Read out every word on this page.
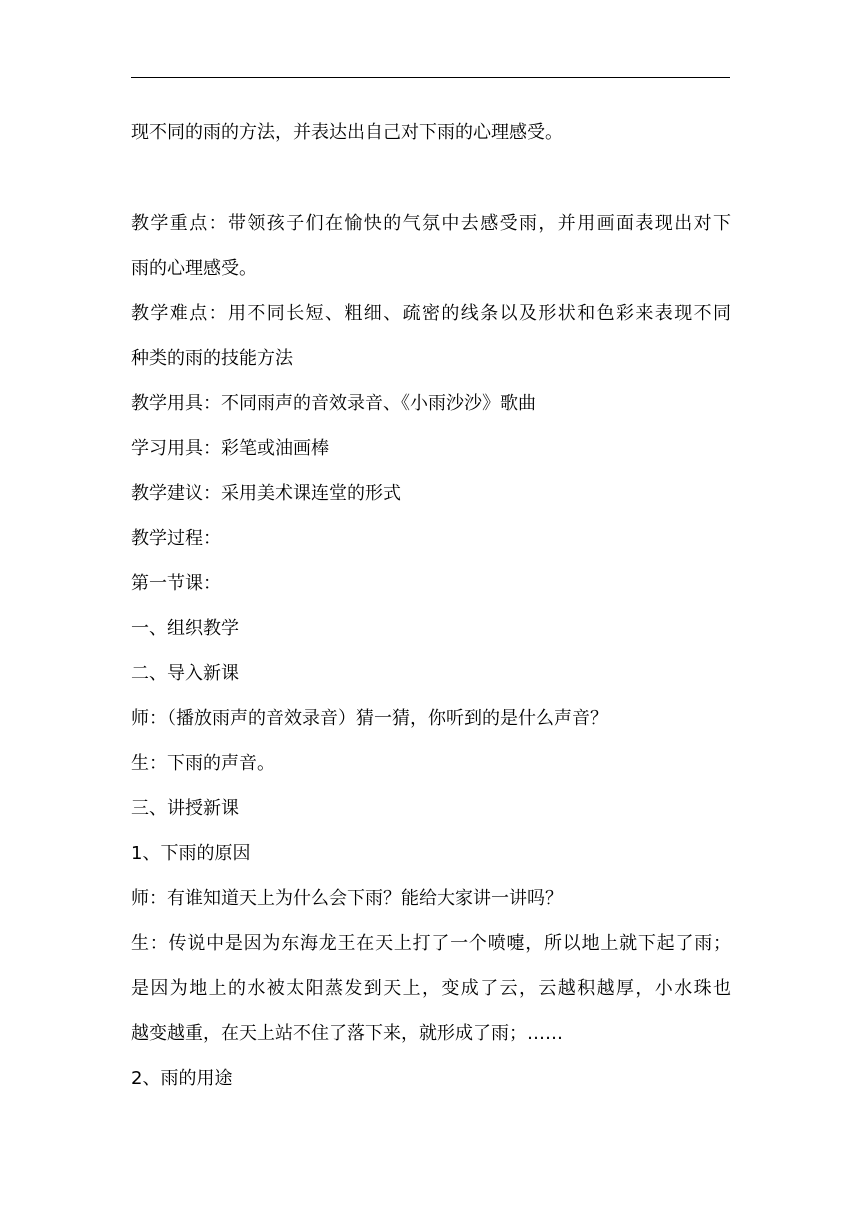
现不同的雨的方法，并表达出自己对下雨的心理感受。
教学重点：带领孩子们在愉快的气氛中去感受雨，并用画面表现出对下
雨的心理感受。
教学难点：用不同长短、粗细、疏密的线条以及形状和色彩来表现不同
种类的雨的技能方法
教学用具：不同雨声的音效录音、《小雨沙沙》歌曲
学习用具：彩笔或油画棒
教学建议：采用美术课连堂的形式
教学过程：
第一节课：
一、组织教学
二、导入新课
师：（播放雨声的音效录音）猜一猜，你听到的是什么声音？
生：下雨的声音。
三、讲授新课
1、下雨的原因
师：有谁知道天上为什么会下雨？能给大家讲一讲吗？
生：传说中是因为东海龙王在天上打了一个喷嚏，所以地上就下起了雨；
是因为地上的水被太阳蒸发到天上，变成了云，云越积越厚，小水珠也
越变越重，在天上站不住了落下来，就形成了雨；……
2、雨的用途
